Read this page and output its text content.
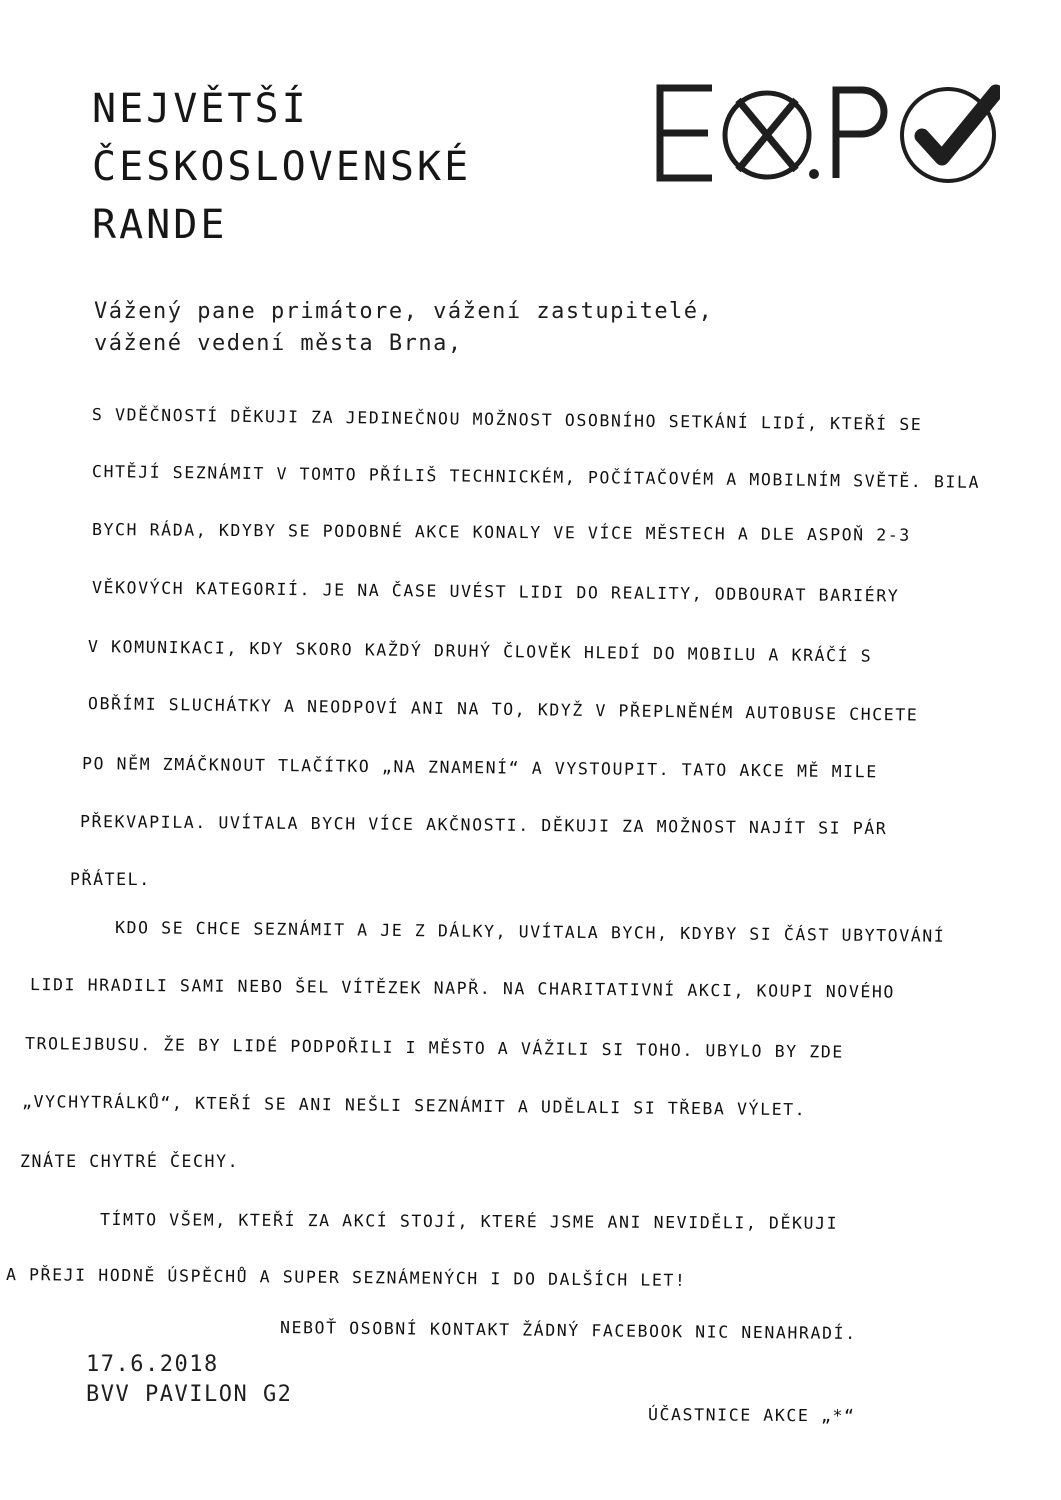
NEJVĚTŠÍ
ČESKOSLOVENSKÉ
RANDE
Vážený pane primátore, vážení zastupitelé,
vážené vedení města Brna,
S VDĚČNOSTÍ DĚKUJI ZA JEDINEČNOU MOŽNOST OSOBNÍHO SETKÁNÍ LIDÍ, KTEŘÍ SE
CHTĚJÍ SEZNÁMIT V TOMTO PŘÍLIŠ TECHNICKÉM, POČÍTAČOVÉM A MOBILNÍM SVĚTĚ. BILA
BYCH RÁDA, KDYBY SE PODOBNÉ AKCE KONALY VE VÍCE MĚSTECH A DLE ASPOŇ 2-3
VĚKOVÝCH KATEGORIÍ. JE NA ČASE UVÉST LIDI DO REALITY, ODBOURAT BARIÉRY
V KOMUNIKACI, KDY SKORO KAŽDÝ DRUHÝ ČLOVĚK HLEDÍ DO MOBILU A KRÁČÍ S
OBŘÍMI SLUCHÁTKY A NEODPOVÍ ANI NA TO, KDYŽ V PŘEPLNĚNÉM AUTOBUSE CHCETE
PO NĚM ZMÁČKNOUT TLAČÍTKO „NA ZNAMENÍ“ A VYSTOUPIT. TATO AKCE MĚ MILE
PŘEKVAPILA. UVÍTALA BYCH VÍCE AKČNOSTI. DĚKUJI ZA MOŽNOST NAJÍT SI PÁR
PŘÁTEL.
KDO SE CHCE SEZNÁMIT A JE Z DÁLKY, UVÍTALA BYCH, KDYBY SI ČÁST UBYTOVÁNÍ
LIDI HRADILI SAMI NEBO ŠEL VÍTĚZEK NAPŘ. NA CHARITATIVNÍ AKCI, KOUPI NOVÉHO
TROLEJBUSU. ŽE BY LIDÉ PODPOŘILI I MĚSTO A VÁŽILI SI TOHO. UBYLO BY ZDE
„VYCHYTRÁLKŮ“, KTEŘÍ SE ANI NEŠLI SEZNÁMIT A UDĚLALI SI TŘEBA VÝLET.
ZNÁTE CHYTRÉ ČECHY.
TÍMTO VŠEM, KTEŘÍ ZA AKCÍ STOJÍ, KTERÉ JSME ANI NEVIDĚLI, DĚKUJI
A PŘEJI HODNĚ ÚSPĚCHŮ A SUPER SEZNÁMENÝCH I DO DALŠÍCH LET!
NEBOŤ OSOBNÍ KONTAKT ŽÁDNÝ FACEBOOK NIC NENAHRADÍ.
ÚČASTNICE AKCE „*“
17.6.2018
BVV PAVILON G2
